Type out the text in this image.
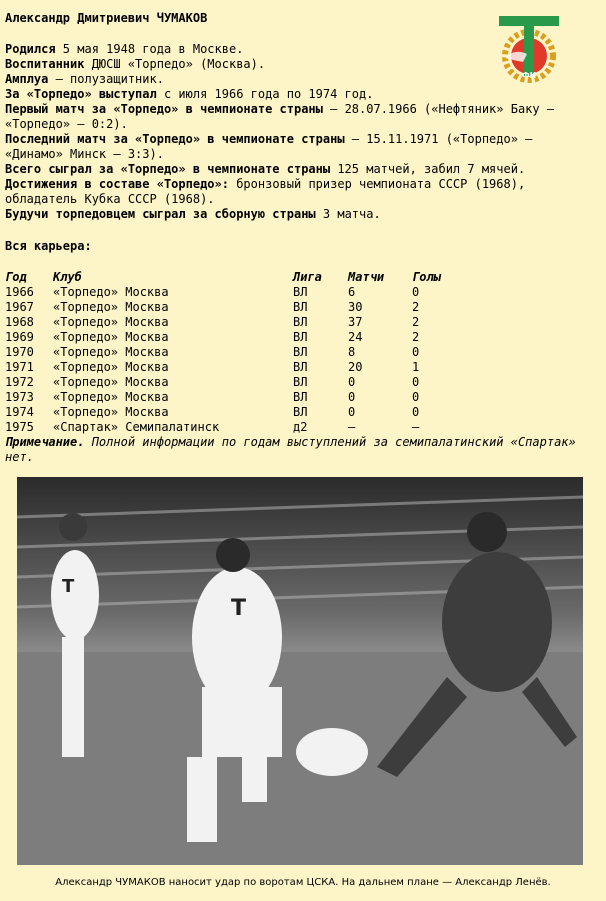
Александр Дмитриевич ЧУМАКОВ
ФК

Родился 5 мая 1948 года в Москве.

Воспитанник ДЮСШ «Торпедо» (Москва).

Амплуа – полузащитник.

За «Торпедо» выступал с июля 1966 года по 1974 год.

Первый матч за «Торпедо» в чемпионате страны – 28.07.1966 («Нефтяник» Баку – «Торпедо» – 0:2).

Последний матч за «Торпедо» в чемпионате страны – 15.11.1971 («Торпедо» – «Динамо» Минск – 3:3).

Всего сыграл за «Торпедо» в чемпионате страны 125 матчей, забил 7 мячей.

Достижения в составе «Торпедо»: бронзовый призер чемпионата СССР (1968), обладатель Кубка СССР (1968).

Будучи торпедовцем сыграл за сборную страны 3 матча.

Вся карьера:
Год	Клуб	Лига	Матчи	Голы
1966	«Торпедо» Москва	ВЛ	6	0
1967	«Торпедо» Москва	ВЛ	30	2
1968	«Торпедо» Москва	ВЛ	37	2
1969	«Торпедо» Москва	ВЛ	24	2
1970	«Торпедо» Москва	ВЛ	8	0
1971	«Торпедо» Москва	ВЛ	20	1
1972	«Торпедо» Москва	ВЛ	0	0
1973	«Торпедо» Москва	ВЛ	0	0
1974	«Торпедо» Москва	ВЛ	0	0
1975	«Спартак» Семипалатинск	д2	–	–
Примечание. Полной информации по годам выступлений за семипалатинский «Спартак» нет.
T
T
Александр ЧУМАКОВ наносит удар по воротам ЦСКА. На дальнем плане — Александр Ленёв.
